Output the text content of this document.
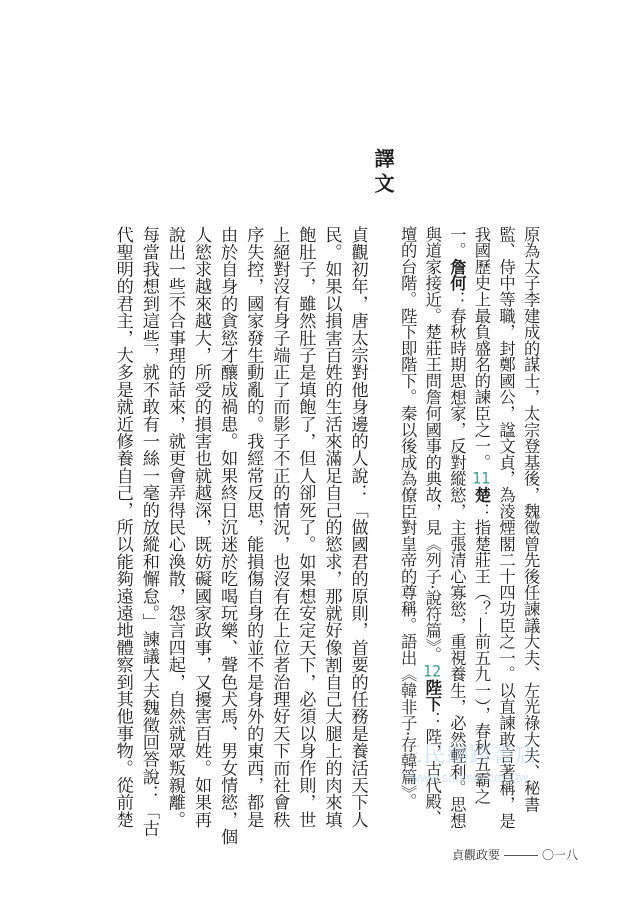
原為太子李建成的謀士，太宗登基後，魏徵曾先後任諫議大夫、左光祿大夫、秘書
監、侍中等職，封鄭國公，諡文貞，為淩煙閣二十四功臣之一。以直諫敢言著稱，是
我國歷史上最負盛名的諫臣之一。11楚：指楚莊王（？—前五九一），春秋五霸之
一。詹何：春秋時期思想家，反對縱慾，主張清心寡慾，重視養生，必然輕利。思想
與道家接近。楚莊王問詹何國事的典故，見《列子·說符篇》。12陛下：陛，古代殿、
壇的台階。陛下即階下。秦以後成為僚臣對皇帝的尊稱。語出《韓非子·存韓篇》。
譯文
貞觀初年，唐太宗對他身邊的人說：「做國君的原則，首要的任務是養活天下人
民。如果以損害百姓的生活來滿足自己的慾求，那就好像割自己大腿上的肉來填
飽肚子，雖然肚子是填飽了，但人卻死了。如果想安定天下，必須以身作則，世
上絕對沒有身子端正了而影子不正的情況，也沒有在上位者治理好天下而社會秩
序失控，國家發生動亂的。我經常反思，能損傷自身的並不是身外的東西，都是
由於自身的貪慾才釀成禍患。如果終日沉迷於吃喝玩樂、聲色犬馬、男女情慾，個
人慾求越來越大，所受的損害也就越深，既妨礙國家政事，又擾害百姓。如果再
說出一些不合事理的話來，就更會弄得民心渙散，怨言四起，自然就眾叛親離。
每當我想到這些，就不敢有一絲一毫的放縱和懈怠。」諫議大夫魏徵回答說：「古
代聖明的君主，大多是就近修養自己，所以能夠遠遠地體察到其他事物。從前楚	三民網路書店
www.sanmin.com.tw
貞觀政要	〇一八
